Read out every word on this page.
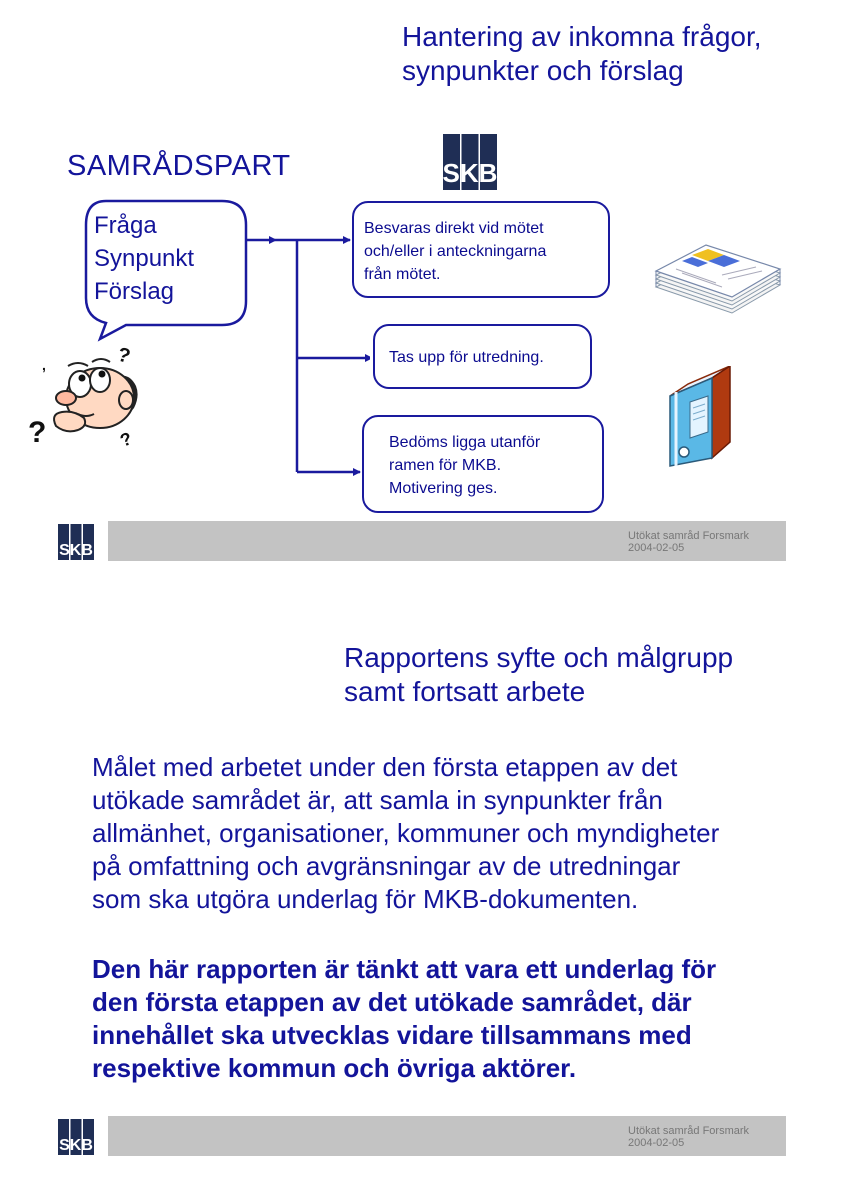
Hantering av inkomna frågor,
synpunkter och förslag
SKB
SAMRÅDSPART
Fråga
Synpunkt
Förslag
?
?
?
,
Besvaras direkt vid mötet
och/eller i anteckningarna
från mötet.
Tas upp för utredning.
Bedöms ligga utanför
ramen för MKB.
Motivering ges.
SKB
Utökat samråd Forsmark
2004-02-05
Rapportens syfte och målgrupp
samt fortsatt arbete
Målet med arbetet under den första etappen av det
utökade samrådet är, att samla in synpunkter från
allmänhet, organisationer, kommuner och myndigheter
på omfattning och avgränsningar av de utredningar
som ska utgöra underlag för MKB-dokumenten.
Den här rapporten är tänkt att vara ett underlag för
den första etappen av det utökade samrådet, där
innehållet ska utvecklas vidare tillsammans med
respektive kommun och övriga aktörer.
SKB
Utökat samråd Forsmark
2004-02-05
